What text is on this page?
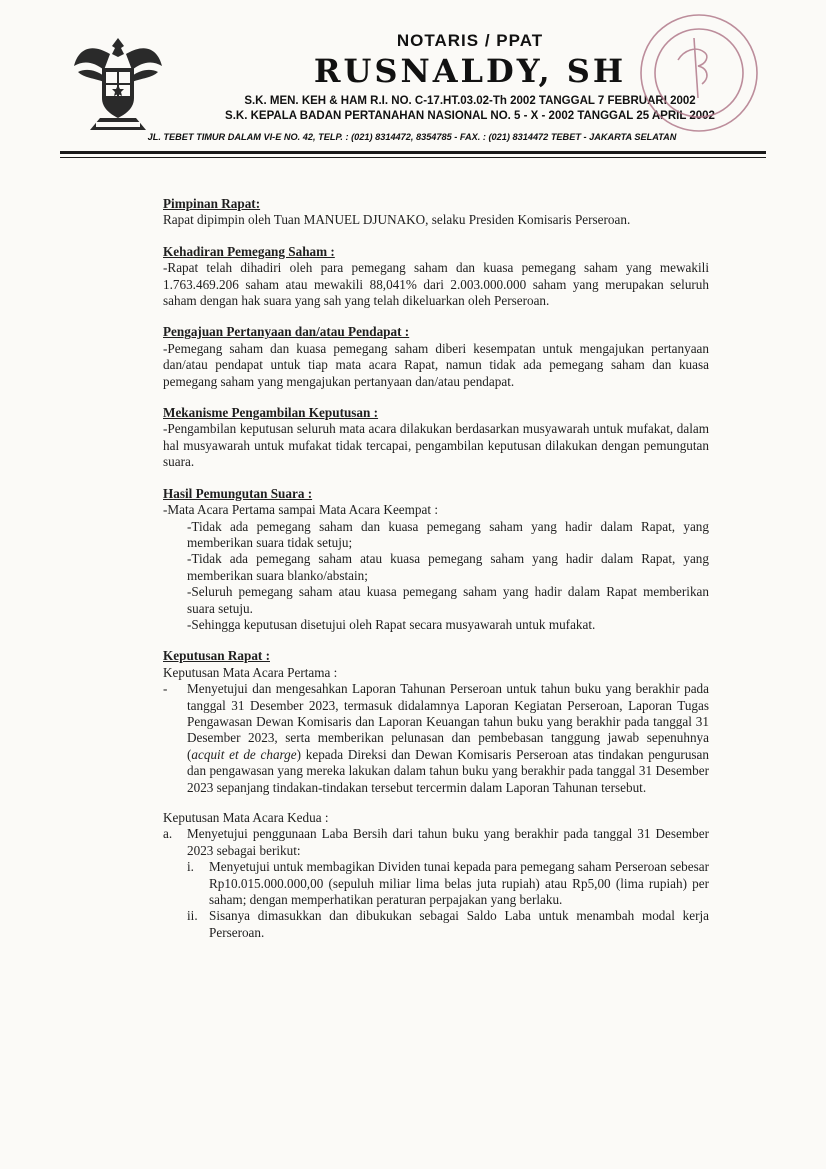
NOTARIS / PPAT
RUSNALDY, SH
S.K. MEN. KEH & HAM R.I. NO. C-17.HT.03.02-Th 2002 TANGGAL 7 FEBRUARI 2002
S.K. KEPALA BADAN PERTANAHAN NASIONAL NO. 5 - X - 2002 TANGGAL 25 APRIL 2002
JL. TEBET TIMUR DALAM VI-E NO. 42, TELP. : (021) 8314472, 8354785 - FAX. : (021) 8314472 TEBET - JAKARTA SELATAN
Pimpinan Rapat:

Rapat dipimpin oleh Tuan MANUEL DJUNAKO, selaku Presiden Komisaris Perseroan.

Kehadiran Pemegang Saham :

-Rapat telah dihadiri oleh para pemegang saham dan kuasa pemegang saham yang mewakili 1.763.469.206 saham atau mewakili 88,041% dari 2.003.000.000 saham yang merupakan seluruh saham dengan hak suara yang sah yang telah dikeluarkan oleh Perseroan.

Pengajuan Pertanyaan dan/atau Pendapat :

-Pemegang saham dan kuasa pemegang saham diberi kesempatan untuk mengajukan pertanyaan dan/atau pendapat untuk tiap mata acara Rapat, namun tidak ada pemegang saham dan kuasa pemegang saham yang mengajukan pertanyaan dan/atau pendapat.

Mekanisme Pengambilan Keputusan :

-Pengambilan keputusan seluruh mata acara dilakukan berdasarkan musyawarah untuk mufakat, dalam hal musyawarah untuk mufakat tidak tercapai, pengambilan keputusan dilakukan dengan pemungutan suara.

Hasil Pemungutan Suara :

-Mata Acara Pertama sampai Mata Acara Keempat :

-Tidak ada pemegang saham dan kuasa pemegang saham yang hadir dalam Rapat, yang memberikan suara tidak setuju;

-Tidak ada pemegang saham atau kuasa pemegang saham yang hadir dalam Rapat, yang memberikan suara blanko/abstain;

-Seluruh pemegang saham atau kuasa pemegang saham yang hadir dalam Rapat memberikan suara setuju.

-Sehingga keputusan disetujui oleh Rapat secara musyawarah untuk mufakat.

Keputusan Rapat :

Keputusan Mata Acara Pertama :

-	Menyetujui dan mengesahkan Laporan Tahunan Perseroan untuk tahun buku yang berakhir pada tanggal 31 Desember 2023, termasuk didalamnya Laporan Kegiatan Perseroan, Laporan Tugas Pengawasan Dewan Komisaris dan Laporan Keuangan tahun buku yang berakhir pada tanggal 31 Desember 2023, serta memberikan pelunasan dan pembebasan tanggung jawab sepenuhnya (acquit et de charge) kepada Direksi dan Dewan Komisaris Perseroan atas tindakan pengurusan dan pengawasan yang mereka lakukan dalam tahun buku yang berakhir pada tanggal 31 Desember 2023 sepanjang tindakan-tindakan tersebut tercermin dalam Laporan Tahunan tersebut.

Keputusan Mata Acara Kedua :

a.	Menyetujui penggunaan Laba Bersih dari tahun buku yang berakhir pada tanggal 31 Desember 2023 sebagai berikut:
i.	Menyetujui untuk membagikan Dividen tunai kepada para pemegang saham Perseroan sebesar Rp10.015.000.000,00 (sepuluh miliar lima belas juta rupiah) atau Rp5,00 (lima rupiah) per saham; dengan memperhatikan peraturan perpajakan yang berlaku.
ii. Sisanya dimasukkan dan dibukukan sebagai Saldo Laba untuk menambah modal kerja Perseroan.
